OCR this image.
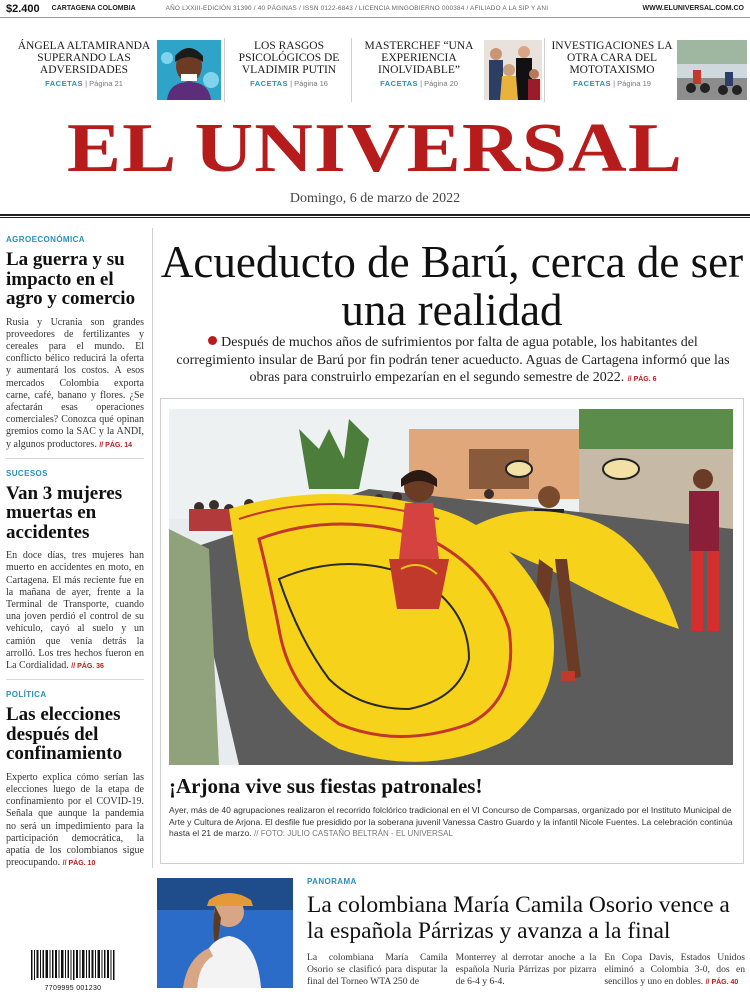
$2.400 CARTAGENA COLOMBIA	AÑO LXXIII-EDICIÓN 31390 / 40 PÁGINAS / ISSN 0122-6843 / LICENCIA MINGOBIERNO 000384 / AFILIADO A LA SIP Y ANI	WWW.ELUNIVERSAL.COM.CO
ÁNGELA ALTAMIRANDA SUPERANDO LAS ADVERSIDADES
FACETAS | Página 21
LOS RASGOS PSICOLÓGICOS DE VLADIMIR PUTIN
FACETAS | Página 16
MASTERCHEF “UNA EXPERIENCIA INOLVIDABLE”
FACETAS | Página 20
INVESTIGACIONES LA OTRA CARA DEL MOTOTAXISMO
FACETAS | Página 19
EL UNIVERSAL
Domingo, 6 de marzo de 2022
AGROECONÓMICA
La guerra y su impacto en el agro y comercio
Rusia y Ucrania son grandes proveedores de fertilizantes y cereales para el mundo. El conflicto bélico reducirá la oferta y aumentará los costos. A esos mercados Colombia exporta carne, café, banano y flores. ¿Se afectarán esas operaciones comerciales? Conozca qué opinan gremios como la SAC y la ANDI, y algunos productores. // PÁG. 14
SUCESOS
Van 3 mujeres muertas en accidentes
En doce días, tres mujeres han muerto en accidentes en moto, en Cartagena. El más reciente fue en la mañana de ayer, frente a la Terminal de Transporte, cuando una joven perdió el control de su vehículo, cayó al suelo y un camión que venía detrás la arrolló. Los tres hechos fueron en La Cordialidad. // PÁG. 36
POLÍTICA
Las elecciones después del confinamiento
Experto explica cómo serían las elecciones luego de la etapa de confinamiento por el COVID-19. Señala que aunque la pandemia no será un impedimiento para la participación democrática, la apatía de los colombianos sigue preocupando. // PÁG. 10
Acueducto de Barú, cerca de ser una realidad
Después de muchos años de sufrimientos por falta de agua potable, los habitantes del corregimiento insular de Barú por fin podrán tener acueducto. Aguas de Cartagena informó que las obras para construirlo empezarían en el segundo semestre de 2022. // PÁG. 6
¡Arjona vive sus fiestas patronales!
Ayer, más de 40 agrupaciones realizaron el recorrido folclórico tradicional en el VI Concurso de Comparsas, organizado por el Instituto Municipal de Arte y Cultura de Arjona. El desfile fue presidido por la soberana juvenil Vanessa Castro Guardo y la infantil Nicole Fuentes. La celebración continúa hasta el 21 de marzo. // FOTO: JULIO CASTAÑO BELTRÁN - EL UNIVERSAL
PANORAMA
La colombiana María Camila Osorio vence a la española Párrizas y avanza a la final
La colombiana María Camila Osorio se clasificó para disputar la final del Torneo WTA 250 de
Monterrey al derrotar anoche a la española Nuria Párrizas por pizarra de 6-4 y 6-4.
En Copa Davis, Estados Unidos eliminó a Colombia 3-0, dos en sencillos y uno en dobles. // PÁG. 40
7709995 001230
